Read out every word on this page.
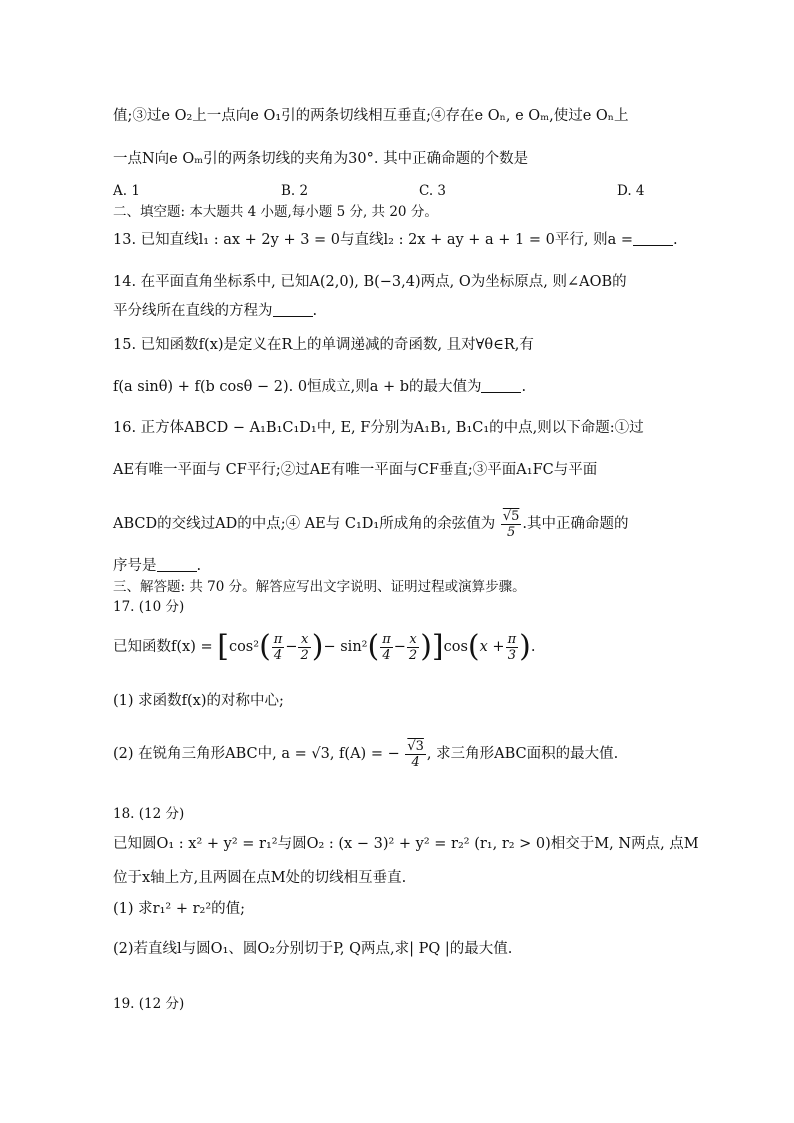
值;③过e O₂上一点向e O₁引的两条切线相互垂直;④存在e Oₙ, e Oₘ,使过e Oₙ上
一点N向e Oₘ引的两条切线的夹角为30°. 其中正确命题的个数是
A. 1	B. 2	C. 3	D. 4
二、填空题: 本大题共 4 小题,每小题 5 分, 共 20 分。
13. 已知直线l₁ : ax + 2y + 3 = 0与直线l₂ : 2x + ay + a + 1 = 0平行, 则a =	.
14. 在平面直角坐标系中, 已知A(2,0), B(−3,4)两点, O为坐标原点, 则∠AOB的
平分线所在直线的方程为	.
15. 已知函数f(x)是定义在R上的单调递减的奇函数, 且对∀θ∈R,有
f(a sinθ) + f(b cosθ − 2). 0恒成立,则a + b的最大值为	.
16. 正方体ABCD − A₁B₁C₁D₁中, E, F分别为A₁B₁, B₁C₁的中点,则以下命题:①过
AE有唯一平面与 CF平行;②过AE有唯一平面与CF垂直;③平面A₁FC与平面
ABCD的交线过AD的中点;④ AE与 C₁D₁所成角的余弦值为 $\frac{√5}{5}$ .其中正确命题的
序号是	.
三、解答题: 共 70 分。解答应写出文字说明、证明过程或演算步骤。
17. (10 分)
已知函数$f(x) = [\cos^2( \frac{\pi}{4} - \frac{x}{2}$ )− $\sin^2( \frac{\pi}{4} - \frac{x}{2} )]\cos(x + \frac{\pi}{3}$ ).
(1) 求函数f(x)的对称中心;
(2) 在锐角三角形ABC中, a = √3, f(A) = − $\frac{√3}{4}$ , 求三角形ABC面积的最大值.
18. (12 分)
已知圆O₁ : x² + y² = r₁²与圆O₂ : (x − 3)² + y² = r₂² (r₁, r₂ > 0)相交于M, N两点, 点M
位于x轴上方,且两圆在点M处的切线相互垂直.
(1) 求r₁² + r₂²的值;
(2)若直线l与圆O₁、圆O₂分别切于P, Q两点,求| PQ |的最大值.
19. (12 分)
